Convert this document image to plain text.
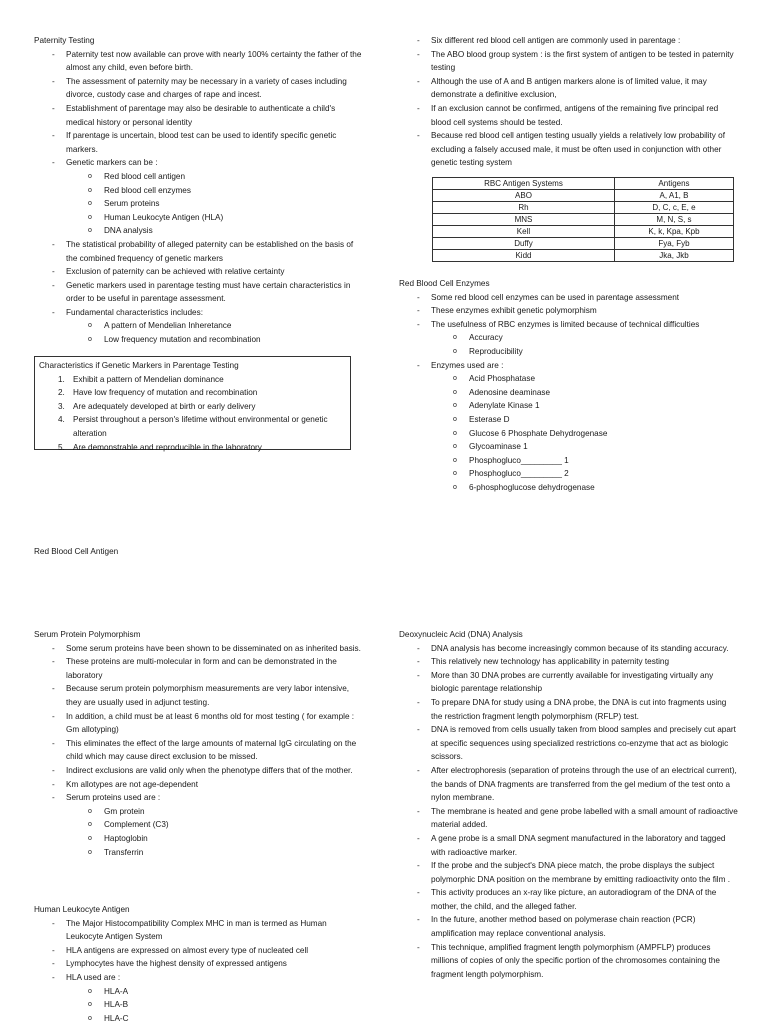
Paternity Testing
- Paternity test now available can prove with nearly 100% certainty the father of the almost any child, even before birth.
- The assessment of paternity may be necessary in a variety of cases including divorce, custody case and charges of rape and incest.
- Establishment of parentage may also be desirable to authenticate a child's medical history or personal identity
- If parentage is uncertain, blood test can be used to identify specific genetic markers.
- Genetic markers can be :
o Red blood cell antigen
o Red blood cell enzymes
o Serum proteins
o Human Leukocyte Antigen (HLA)
o DNA analysis
- The statistical probability of alleged paternity can be established on the basis of the combined frequency of genetic markers
- Exclusion of paternity can be achieved with relative certainty
- Genetic markers used in parentage testing must have certain characteristics in order to be useful in parentage assessment.
- Fundamental characteristics includes:
o A pattern of Mendelian Inheretance
o Low frequency mutation and recombination
Characteristics if Genetic Markers in Parentage Testing
1. Exhibit a pattern of Mendelian dominance
2. Have low frequency of mutation and recombination
3. Are adequately developed at birth or early delivery
4. Persist throughout a person's lifetime without environmental or genetic alteration
5. Are demonstrable and reproducible in the laboratory
Red Blood Cell Antigen
- Six different red blood cell antigen are commonly used in parentage :
- The ABO blood group system : is the first system of antigen to be tested in paternity testing
- Although the use of A and B antigen markers alone is of limited value, it may demonstrate a definitive exclusion,
- If an exclusion cannot be confirmed, antigens of the remaining five principal red blood cell systems should be tested.
- Because red blood cell antigen testing usually yields a relatively low probability of excluding a falsely accused male, it must be often used in conjunction with other genetic testing system
RBC Antigen Systems	Antigens
ABO	A, A1, B
Rh	D, C, c, E, e
MNS	M, N, S, s
Kell	K, k, Kpa, Kpb
Duffy	Fya, Fyb
Kidd	Jka, Jkb
Red Blood Cell Enzymes
- Some red blood cell enzymes can be used in parentage assessment
- These enzymes exhibit genetic polymorphism
- The usefulness of RBC enzymes is limited because of technical difficulties
o Accuracy
o Reproducibility
- Enzymes used are :
o Acid Phosphatase
o Adenosine deaminase
o Adenylate Kinase 1
o Esterase D
o Glucose 6 Phosphate Dehydrogenase
o Glycoaminase 1
o Phosphogluco_________ 1
o Phosphogluco_________ 2
o 6-phosphoglucose dehydrogenase
Serum Protein Polymorphism
- Some serum proteins have been shown to be disseminated on as inherited basis.
- These proteins are multi-molecular in form and can be demonstrated in the laboratory
- Because serum protein polymorphism measurements are very labor intensive, they are usually used in adjunct testing.
- In addition, a child must be at least 6 months old for most testing ( for example : Gm allotyping)
- This eliminates the effect of the large amounts of maternal IgG circulating on the child which may cause direct exclusion to be missed.
- Indirect exclusions are valid only when the phenotype differs that of the mother.
- Km allotypes are not age-dependent
- Serum proteins used are :
o Gm protein
o Complement (C3)
o Haptoglobin
o Transferrin
Human Leukocyte Antigen
- The Major Histocompatibility Complex MHC in man is termed as Human Leukocyte Antigen System
- HLA antigens are expressed on almost every type of nucleated cell
- Lymphocytes have the highest density of expressed antigens
- HLA used are :
o HLA-A
o HLA-B
o HLA-C
Deoxynucleic Acid (DNA) Analysis
- DNA analysis has become increasingly common because of its standing accuracy.
- This relatively new technology has applicability in paternity testing
- More than 30 DNA probes are currently available for investigating virtually any biologic parentage relationship
- To prepare DNA for study using a DNA probe, the DNA is cut into fragments using the restriction fragment length polymorphism (RFLP) test.
- DNA is removed from cells usually taken from blood samples and precisely cut apart at specific sequences using specialized restrictions co-enzyme that act as biologic scissors.
- After electrophoresis (separation of proteins through the use of an electrical current), the bands of DNA fragments are transferred from the gel medium of the test onto a nylon membrane.
- The membrane is heated and gene probe labelled with a small amount of radioactive material added.
- A gene probe is a small DNA segment manufactured in the laboratory and tagged with radioactive marker.
- If the probe and the subject's DNA piece match, the probe displays the subject polymorphic DNA position on the membrane by emitting radioactivity onto the film .
- This activity produces an x-ray like picture, an autoradiogram of the DNA of the mother, the child, and the alleged father.
- In the future, another method based on polymerase chain reaction (PCR) amplification may replace conventional analysis.
- This technique, amplified fragment length polymorphism (AMPFLP) produces millions of copies of only the specific portion of the chromosomes containing the fragment length polymorphism.
